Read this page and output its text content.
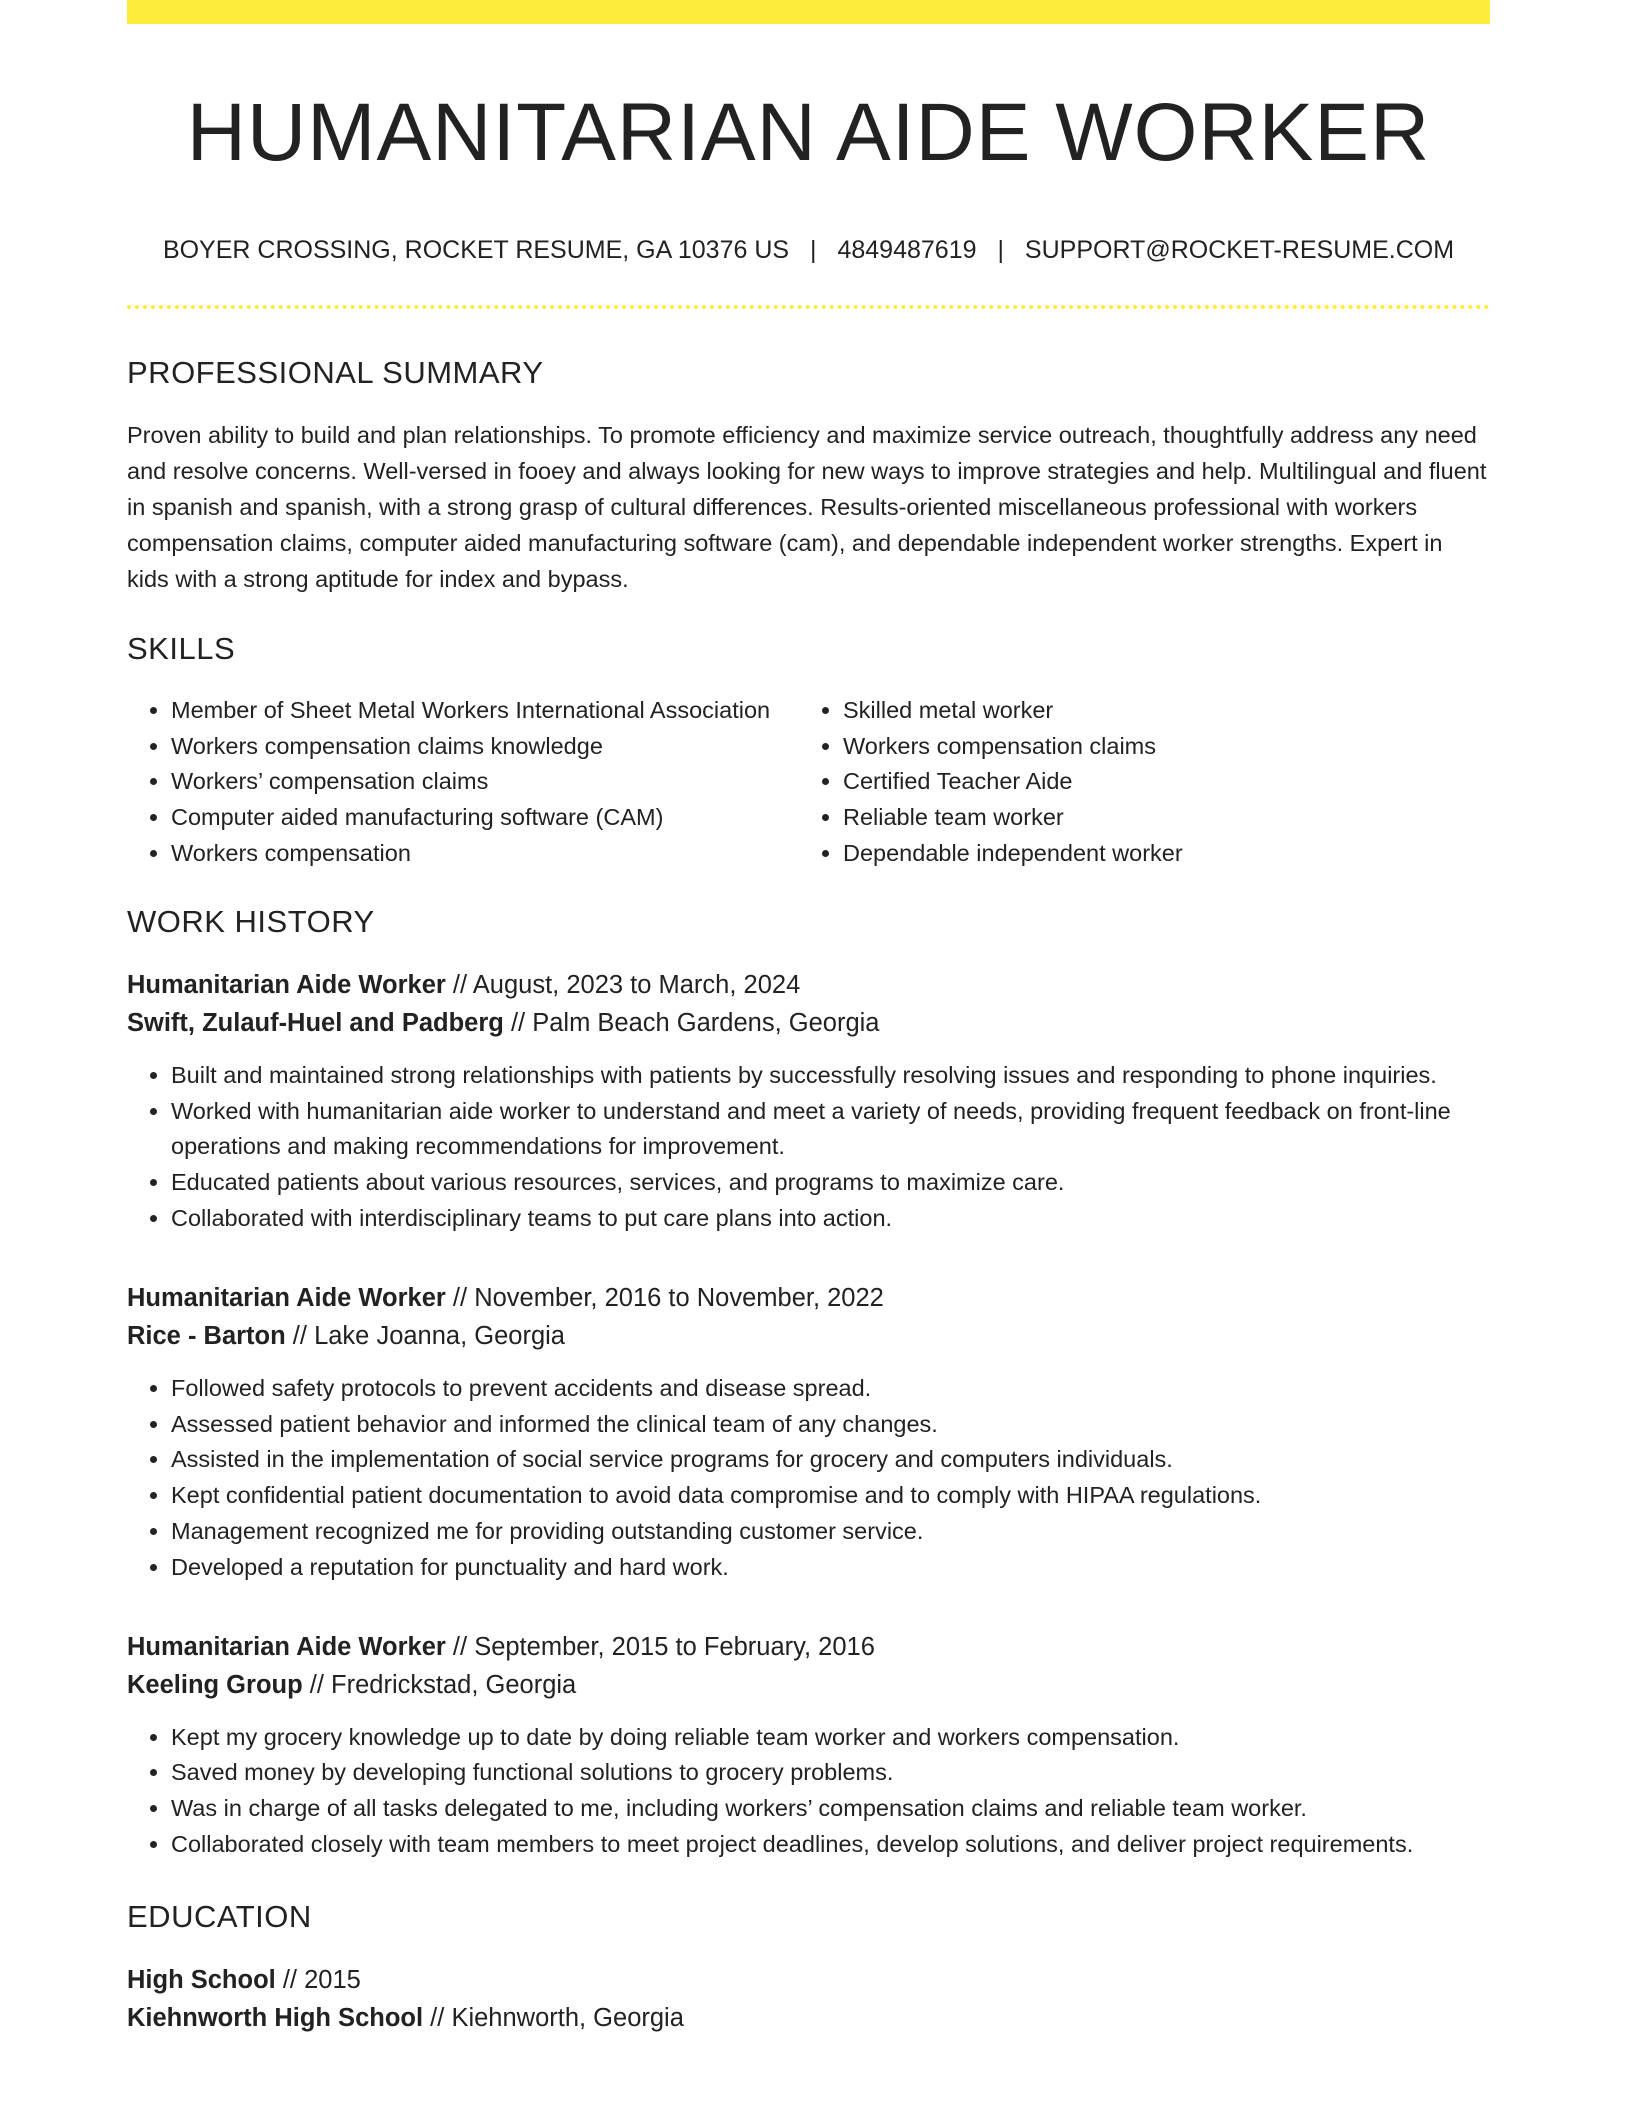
HUMANITARIAN AIDE WORKER
BOYER CROSSING, ROCKET RESUME, GA 10376 US | 4849487619 | SUPPORT@ROCKET-RESUME.COM
PROFESSIONAL SUMMARY
Proven ability to build and plan relationships. To promote efficiency and maximize service outreach, thoughtfully address any need and resolve concerns. Well-versed in fooey and always looking for new ways to improve strategies and help. Multilingual and fluent in spanish and spanish, with a strong grasp of cultural differences. Results-oriented miscellaneous professional with workers compensation claims, computer aided manufacturing software (cam), and dependable independent worker strengths. Expert in kids with a strong aptitude for index and bypass.
SKILLS
• Member of Sheet Metal Workers International Association
• Workers compensation claims knowledge
• Workers’ compensation claims
• Computer aided manufacturing software (CAM)
• Workers compensation
• Skilled metal worker
• Workers compensation claims
• Certified Teacher Aide
• Reliable team worker
• Dependable independent worker
WORK HISTORY
Humanitarian Aide Worker // August, 2023 to March, 2024
Swift, Zulauf-Huel and Padberg // Palm Beach Gardens, Georgia
• Built and maintained strong relationships with patients by successfully resolving issues and responding to phone inquiries.
• Worked with humanitarian aide worker to understand and meet a variety of needs, providing frequent feedback on front-line operations and making recommendations for improvement.
• Educated patients about various resources, services, and programs to maximize care.
• Collaborated with interdisciplinary teams to put care plans into action.
Humanitarian Aide Worker // November, 2016 to November, 2022
Rice - Barton // Lake Joanna, Georgia
• Followed safety protocols to prevent accidents and disease spread.
• Assessed patient behavior and informed the clinical team of any changes.
• Assisted in the implementation of social service programs for grocery and computers individuals.
• Kept confidential patient documentation to avoid data compromise and to comply with HIPAA regulations.
• Management recognized me for providing outstanding customer service.
• Developed a reputation for punctuality and hard work.
Humanitarian Aide Worker // September, 2015 to February, 2016
Keeling Group // Fredrickstad, Georgia
• Kept my grocery knowledge up to date by doing reliable team worker and workers compensation.
• Saved money by developing functional solutions to grocery problems.
• Was in charge of all tasks delegated to me, including workers’ compensation claims and reliable team worker.
• Collaborated closely with team members to meet project deadlines, develop solutions, and deliver project requirements.
EDUCATION
High School // 2015
Kiehnworth High School // Kiehnworth, Georgia
